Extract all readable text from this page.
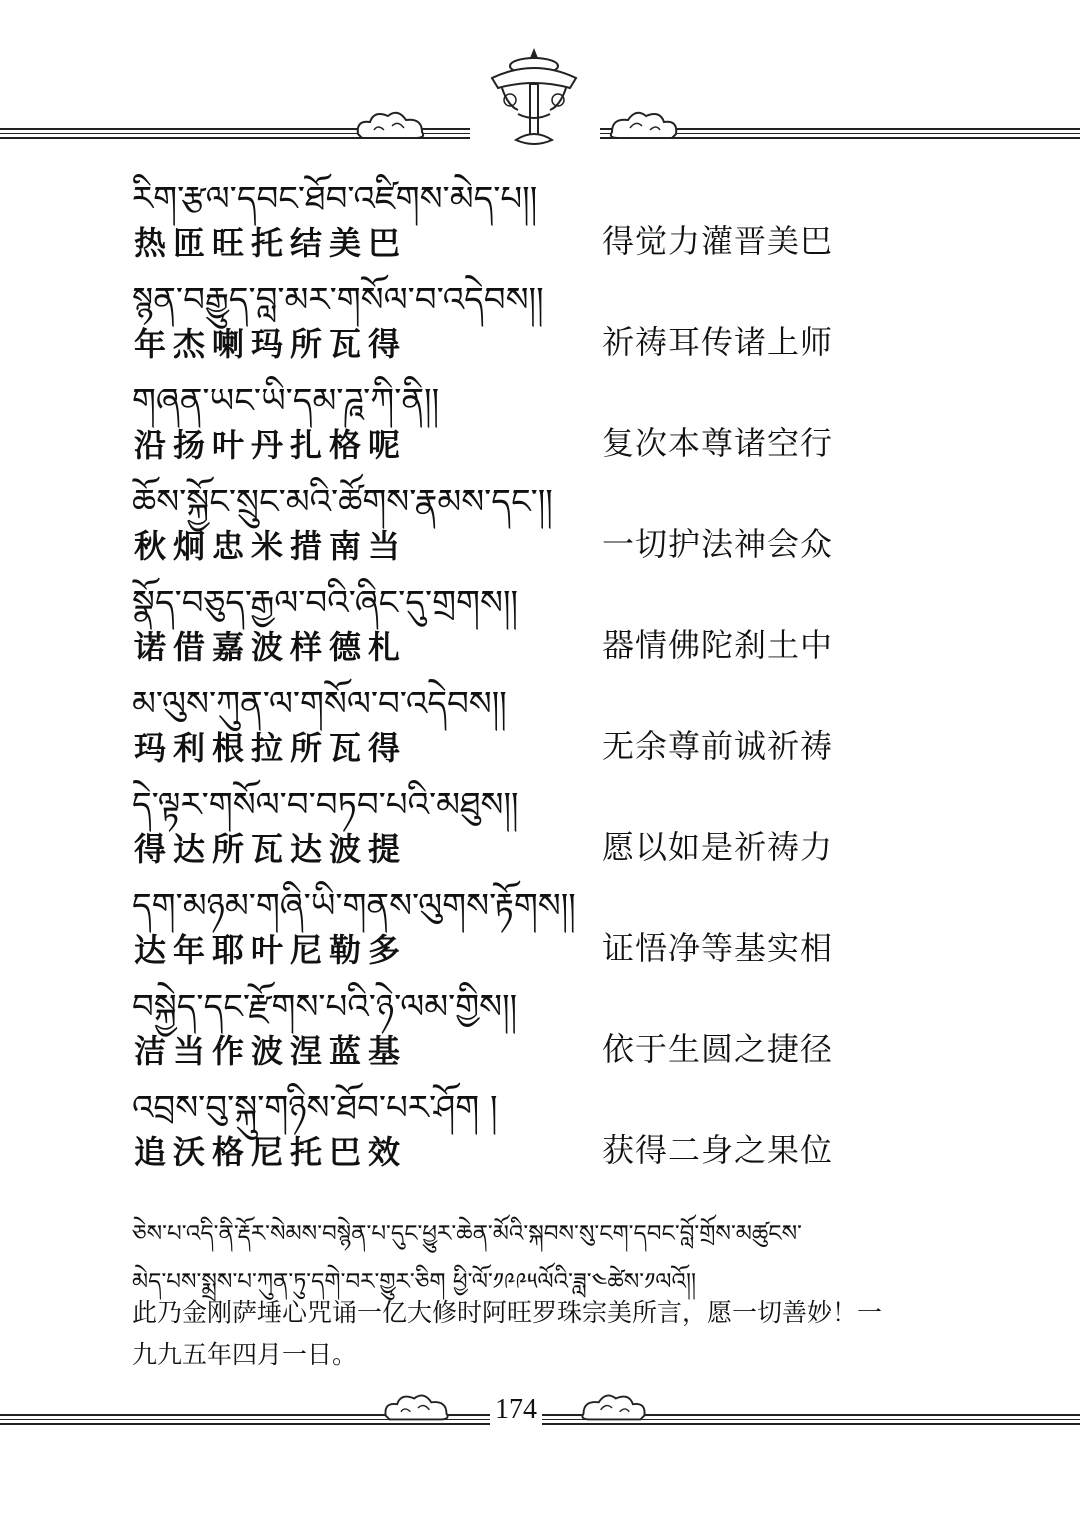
རིག་རྩལ་དབང་ཐོབ་འཛིགས་མེད་པ།།
热匝旺托结美巴	得觉力灌晋美巴
སྙན་བརྒྱུད་བླ་མར་གསོལ་བ་འདེབས།།
年杰喇玛所瓦得	祈祷耳传诸上师
གཞན་ཡང་ཡི་དམ་ཌཱ་ཀི་ནི།།
沿扬叶丹扎格呢	复次本尊诸空行
ཆོས་སྐྱོང་སྲུང་མའི་ཚོགས་རྣམས་དང་།།
秋炯忠米措南当	一切护法神会众
སྣོད་བཅུད་རྒྱལ་བའི་ཞིང་དུ་གྲགས།།
诺借嘉波样德札	器情佛陀刹土中
མ་ལུས་ཀུན་ལ་གསོལ་བ་འདེབས།།
玛利根拉所瓦得	无余尊前诚祈祷
དེ་ལྟར་གསོལ་བ་བཏབ་པའི་མཐུས།།
得达所瓦达波提	愿以如是祈祷力
དག་མཉམ་གཞི་ཡི་གནས་ལུགས་རྟོགས།།
达年耶叶尼勒多	证悟净等基实相
བསྐྱེད་དང་རྫོགས་པའི་ཉེ་ལམ་གྱིས།།
洁当作波涅蓝基	依于生圆之捷径
འབྲས་བུ་སྐུ་གཉིས་ཐོབ་པར་ཤོག །
追沃格尼托巴效	获得二身之果位
ཅེས་པ་འདི་ནི་རྡོར་སེམས་བསྙེན་པ་དུང་ཕྱུར་ཆེན་མོའི་སྐབས་སུ་ངག་དབང་བློ་གྲོས་མཚུངས་
མེད་པས་སྨྲས་པ་ཀུན་ཏུ་དགེ་བར་གྱུར་ཅིག ཕྱི་ལོ་༡༩༩༥ལོའི་ཟླ་༤ཚེས་༡ལའོ།།
此乃金刚萨埵心咒诵一亿大修时阿旺罗珠宗美所言，愿一切善妙！一九九五年四月一日。
174
